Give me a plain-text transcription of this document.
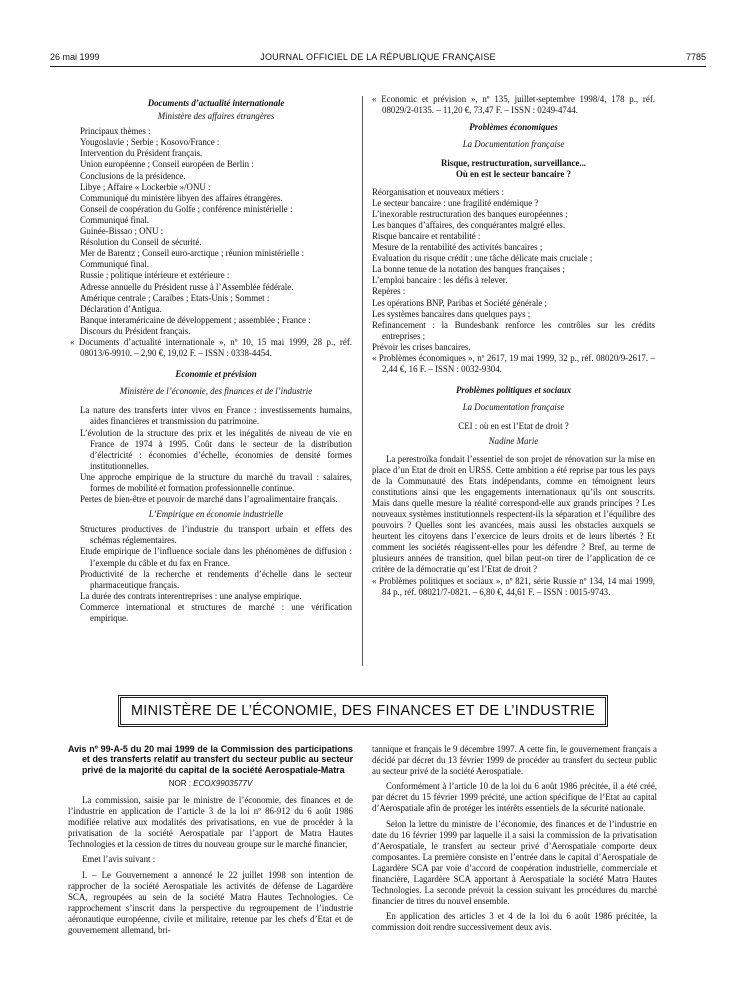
26 mai 1999	JOURNAL OFFICIEL DE LA RÉPUBLIQUE FRANÇAISE	7785

Documents d’actualité internationale

Ministère des affaires étrangères

Principaux thèmes :

Yougoslavie ; Serbie ; Kosovo/France :

Intervention du Président français.

Union européenne ; Conseil européen de Berlin :

Conclusions de la présidence.

Libye ; Affaire « Lockerbie »/ONU :

Communiqué du ministère libyen des affaires étrangères.

Conseil de coopération du Golfe ; conférence ministérielle :

Communiqué final.

Guinée-Bissao ; ONU :

Résolution du Conseil de sécurité.

Mer de Barentz ; Conseil euro-arctique ; réunion ministérielle :

Communiqué final.

Russie ; politique intérieure et extérieure :

Adresse annuelle du Président russe à l’Assemblée fédérale.

Amérique centrale ; Caraïbes ; Etats-Unis ; Sommet :

Déclaration d’Antigua.

Banque interaméricaine de développement ; assemblée ; France :

Discours du Président français.

« Documents d’actualité internationale », nº 10, 15 mai 1999, 28 p., réf. 08013/6-9910. – 2,90 €, 19,02 F. – ISSN : 0338-4454.

Economie et prévision

Ministère de l’économie, des finances et de l’industrie

La nature des transferts inter vivos en France : investissements humains, aides financières et transmission du patrimoine.

L’évolution de la structure des prix et les inégalités de niveau de vie en France de 1974 à 1995. Coût dans le secteur de la distribution d’électricité : économies d’échelle, économies de densité formes institutionnelles.

Une approche empirique de la structure du marché du travail : salaires, formes de mobilité et formation professionnelle continue.

Pertes de bien-être et pouvoir de marché dans l’agroalimentaire français.

L’Empirique en économie industrielle

Structures productives de l’industrie du transport urbain et effets des schémas réglementaires.

Etude empirique de l’influence sociale dans les phénomènes de diffusion : l’exemple du câble et du fax en France.

Productivité de la recherche et rendements d’échelle dans le secteur pharmaceutique français.

La durée des contrats interentreprises : une analyse empirique.

Commerce international et structures de marché : une vérification empirique.

« Economic et prévision », nº 135, juillet-septembre 1998/4, 178 p., réf. 08029/2-0135. – 11,20 €, 73,47 F. – ISSN : 0249-4744.

Problèmes économiques

La Documentation française

Risque, restructuration, surveillance...

Où en est le secteur bancaire ?

Réorganisation et nouveaux métiers :

Le secteur bancaire : une fragilité endémique ?

L’inexorable restructuration des banques européennes ;

Les banques d’affaires, des conquérantes malgré elles.

Risque bancaire et rentabilité :

Mesure de la rentabilité des activités bancaires ;

Evaluation du risque crédit : une tâche délicate mais cruciale ;

La bonne tenue de la notation des banques françaises ;

L’emploi bancaire : les défis à relever.

Repères :

Les opérations BNP, Paribas et Société générale ;

Les systèmes bancaires dans quelques pays ;

Refinancement : la Bundesbank renforce les contrôles sur les crédits entreprises ;

Prévoir les crises bancaires.

« Problèmes économiques », nº 2617, 19 mai 1999, 32 p., réf. 08020/9-2617. – 2,44 €, 16 F. – ISSN : 0032-9304.

Problèmes politiques et sociaux

La Documentation française

CEI : où en est l’Etat de droit ?

Nadine Marie

La perestroïka fondait l’essentiel de son projet de rénovation sur la mise en place d’un Etat de droit en URSS. Cette ambition a été reprise par tous les pays de la Communauté des Etats indépendants, comme en témoignent leurs constitutions ainsi que les engagements internationaux qu’ils ont souscrits. Mais dans quelle mesure la réalité correspond-elle aux grands principes ? Les nouveaux systèmes institutionnels respectent-ils la séparation et l’équilibre des pouvoirs ? Quelles sont les avancées, mais aussi les obstacles auxquels se heurtent les citoyens dans l’exercice de leurs droits et de leurs libertés ? Et comment les sociétés réagissent-elles pour les défendre ? Bref, au terme de plusieurs années de transition, quel bilan peut-on tirer de l’application de ce critère de la démocratie qu’est l’Etat de droit ?

« Problèmes politiques et sociaux », nº 821, série Russie nº 134, 14 mai 1999, 84 p., réf. 08021/7-0821. – 6,80 €, 44,61 F. – ISSN : 0015-9743.

MINISTÈRE DE L’ÉCONOMIE, DES FINANCES ET DE L’INDUSTRIE

Avis nº 99-A-5 du 20 mai 1999 de la Commission des participations et des transferts relatif au transfert du secteur public au secteur privé de la majorité du capital de la société Aerospatiale-Matra

NOR : ECOX9903577V

La commission, saisie par le ministre de l’économie, des finances et de l’industrie en application de l’article 3 de la loi nº 86-912 du 6 août 1986 modifiée relative aux modalités des privatisations, en vue de procéder à la privatisation de la société Aerospatiale par l’apport de Matra Hautes Technologies et la cession de titres du nouveau groupe sur le marché financier,

Emet l’avis suivant :

I. – Le Gouvernement a annoncé le 22 juillet 1998 son intention de rapprocher de la société Aerospatiale les activités de défense de Lagardère SCA, regroupées au sein de la société Matra Hautes Technologies. Ce rapprochement s’inscrit dans la perspective du regroupement de l’industrie aéronautique européenne, civile et militaire, retenue par les chefs d’Etat et de gouvernement allemand, bri-

tannique et français le 9 décembre 1997. A cette fin, le gouvernement français a décidé par décret du 13 février 1999 de procéder au transfert du secteur public au secteur privé de la société Aerospatiale.

Conformément à l’article 10 de la loi du 6 août 1986 précitée, il a été créé, par décret du 15 février 1999 précité, une action spécifique de l’Etat au capital d’Aerospatiale afin de protéger les intérêts essentiels de la sécurité nationale.

Selon la lettre du ministre de l’économie, des finances et de l’industrie en date du 16 février 1999 par laquelle il a saisi la commission de la privatisation d’Aerospatiale, le transfert au secteur privé d’Aerospatiale comporte deux composantes. La première consiste en l’entrée dans le capital d’Aerospatiale de Lagardère SCA par voie d’accord de coopération industrielle, commerciale et financière, Lagardère SCA apportant à Aerospatiale la société Matra Hautes Technologies. La seconde prévoit la cession suivant les procédures du marché financier de titres du nouvel ensemble.

En application des articles 3 et 4 de la loi du 6 août 1986 précitée, la commission doit rendre successivement deux avis.
